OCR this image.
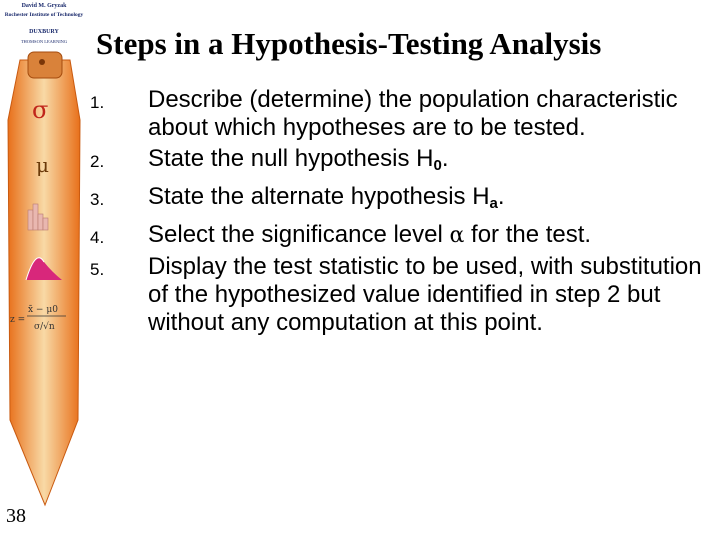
σ
μ
z =
x̄ − μ0
σ/√n
David M. Gryzak
Rochester Institute of Technology
DUXBURY
THOMSON LEARNING Steps in a Hypothesis-Testing Analysis
1. Describe (determine) the population characteristic about which hypotheses are to be tested.
2. State the null hypothesis $H_0$.
3. State the alternate hypothesis $H_a$.
4. Select the significance level α for the test.
5. Display the test statistic to be used, with substitution of the hypothesized value identified in step 2 but without any computation at this point.
38
